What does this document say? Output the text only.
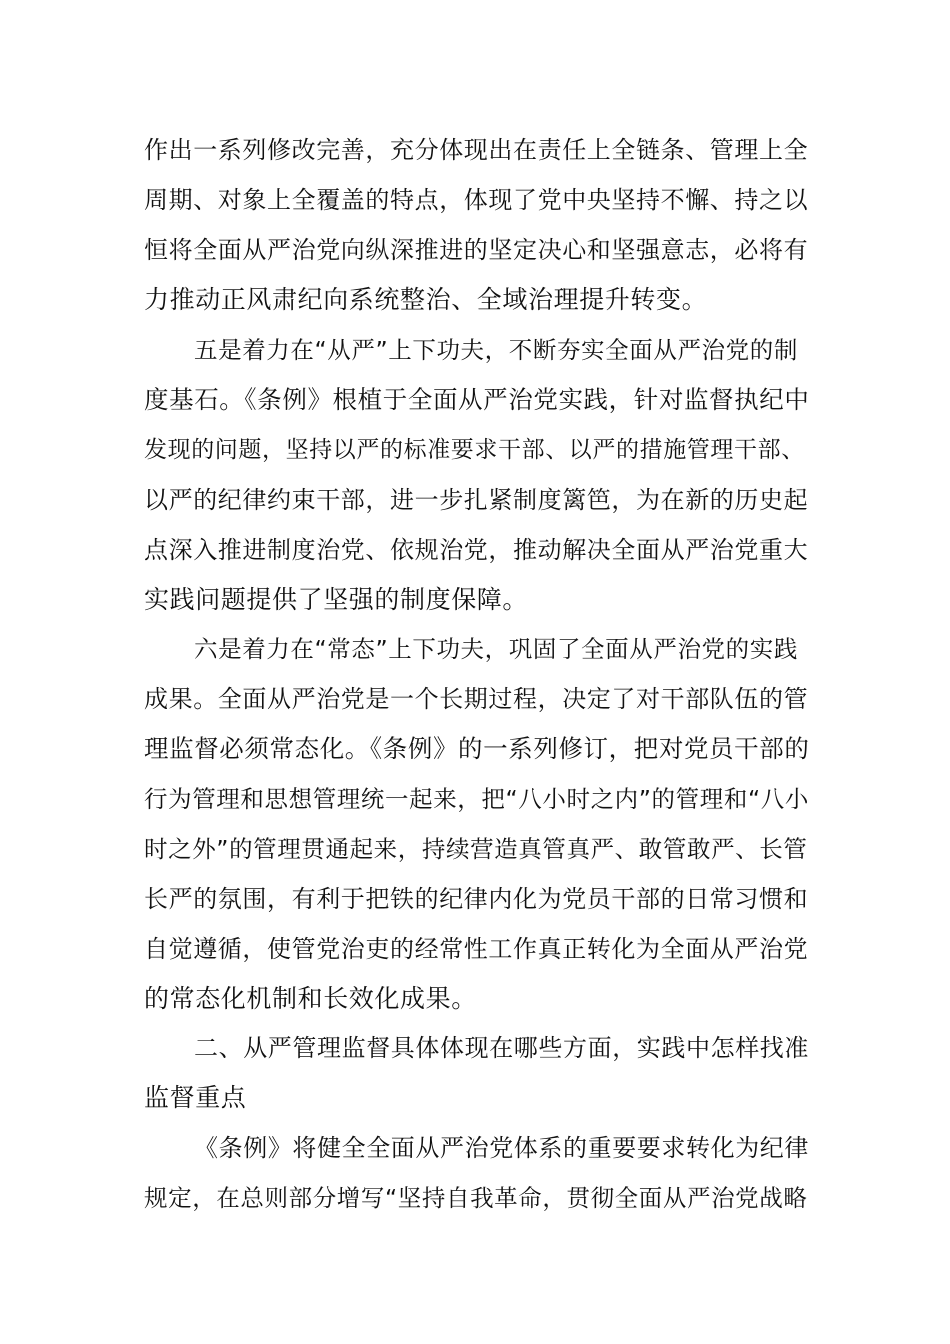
作出一系列修改完善，充分体现出在责任上全链条、管理上全
周期、对象上全覆盖的特点，体现了党中央坚持不懈、持之以
恒将全面从严治党向纵深推进的坚定决心和坚强意志，必将有
力推动正风肃纪向系统整治、全域治理提升转变。
五是着力在“从严”上下功夫，不断夯实全面从严治党的制
度基石。《条例》根植于全面从严治党实践，针对监督执纪中
发现的问题，坚持以严的标准要求干部、以严的措施管理干部、
以严的纪律约束干部，进一步扎紧制度篱笆，为在新的历史起
点深入推进制度治党、依规治党，推动解决全面从严治党重大
实践问题提供了坚强的制度保障。
六是着力在“常态”上下功夫，巩固了全面从严治党的实践
成果。全面从严治党是一个长期过程，决定了对干部队伍的管
理监督必须常态化。《条例》的一系列修订，把对党员干部的
行为管理和思想管理统一起来，把“八小时之内”的管理和“八小
时之外”的管理贯通起来，持续营造真管真严、敢管敢严、长管
长严的氛围，有利于把铁的纪律内化为党员干部的日常习惯和
自觉遵循，使管党治吏的经常性工作真正转化为全面从严治党
的常态化机制和长效化成果。
二、从严管理监督具体体现在哪些方面，实践中怎样找准
监督重点
《条例》将健全全面从严治党体系的重要要求转化为纪律
规定，在总则部分增写“坚持自我革命，贯彻全面从严治党战略
